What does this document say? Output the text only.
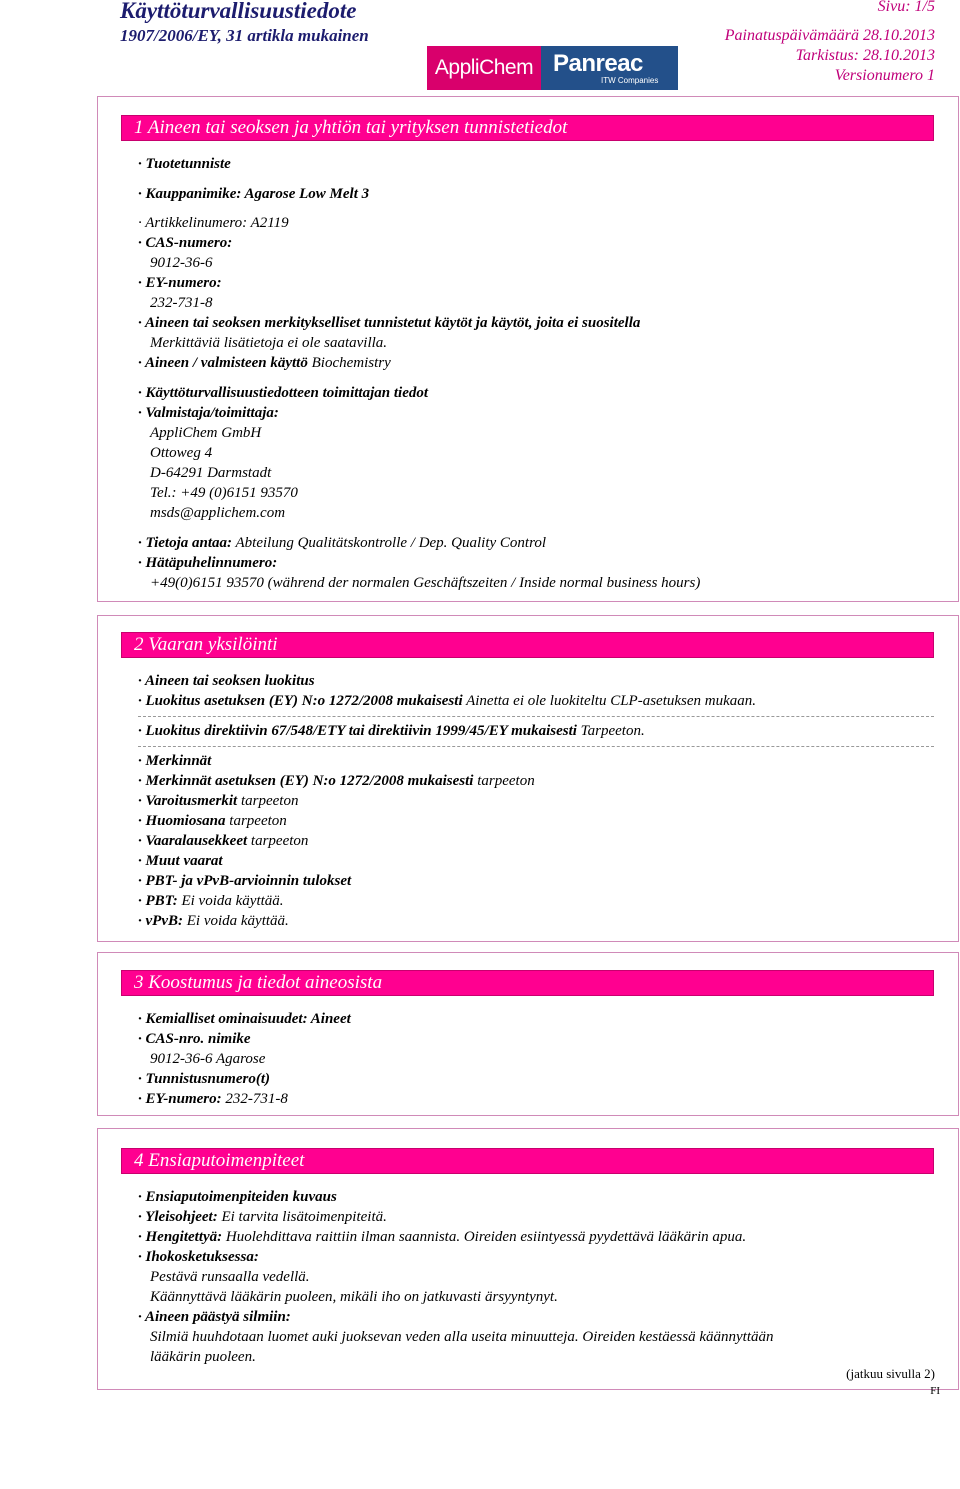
Käyttöturvallisuustiedote
1907/2006/EY, 31 artikla mukainen
Sivu: 1/5
Painatuspäivämäärä 28.10.2013
Tarkistus: 28.10.2013
Versionumero 1
AppliChem Panreac
ITW Companies
1 Aineen tai seoksen ja yhtiön tai yrityksen tunnistetiedot
· Tuotetunniste
· Kauppanimike: Agarose Low Melt 3
· Artikkelinumero: A2119
· CAS-numero:
9012-36-6
· EY-numero:
232-731-8
· Aineen tai seoksen merkitykselliset tunnistetut käytöt ja käytöt, joita ei suositella
Merkittäviä lisätietoja ei ole saatavilla.
· Aineen / valmisteen käyttö Biochemistry
· Käyttöturvallisuustiedotteen toimittajan tiedot
· Valmistaja/toimittaja:
AppliChem GmbH
Ottoweg 4
D-64291 Darmstadt
Tel.: +49 (0)6151 93570
msds@applichem.com
· Tietoja antaa: Abteilung Qualitätskontrolle / Dep. Quality Control
· Hätäpuhelinnumero:
+49(0)6151 93570 (während der normalen Geschäftszeiten / Inside normal business hours)
2 Vaaran yksilöinti
· Aineen tai seoksen luokitus
· Luokitus asetuksen (EY) N:o 1272/2008 mukaisesti Ainetta ei ole luokiteltu CLP-asetuksen mukaan.
· Luokitus direktiivin 67/548/ETY tai direktiivin 1999/45/EY mukaisesti Tarpeeton.
· Merkinnät
· Merkinnät asetuksen (EY) N:o 1272/2008 mukaisesti tarpeeton
· Varoitusmerkit tarpeeton
· Huomiosana tarpeeton
· Vaaralausekkeet tarpeeton
· Muut vaarat
· PBT- ja vPvB-arvioinnin tulokset
· PBT: Ei voida käyttää.
· vPvB: Ei voida käyttää.
3 Koostumus ja tiedot aineosista
· Kemialliset ominaisuudet: Aineet
· CAS-nro. nimike
9012-36-6 Agarose
· Tunnistusnumero(t)
· EY-numero: 232-731-8
4 Ensiaputoimenpiteet
· Ensiaputoimenpiteiden kuvaus
· Yleisohjeet: Ei tarvita lisätoimenpiteitä.
· Hengitettyä: Huolehdittava raittiin ilman saannista. Oireiden esiintyessä pyydettävä lääkärin apua.
· Ihokosketuksessa:
Pestävä runsaalla vedellä.
Käännyttävä lääkärin puoleen, mikäli iho on jatkuvasti ärsyyntynyt.
· Aineen päästyä silmiin:
Silmiä huuhdotaan luomet auki juoksevan veden alla useita minuutteja. Oireiden kestäessä käännyttään
lääkärin puoleen.
(jatkuu sivulla 2)
FI
